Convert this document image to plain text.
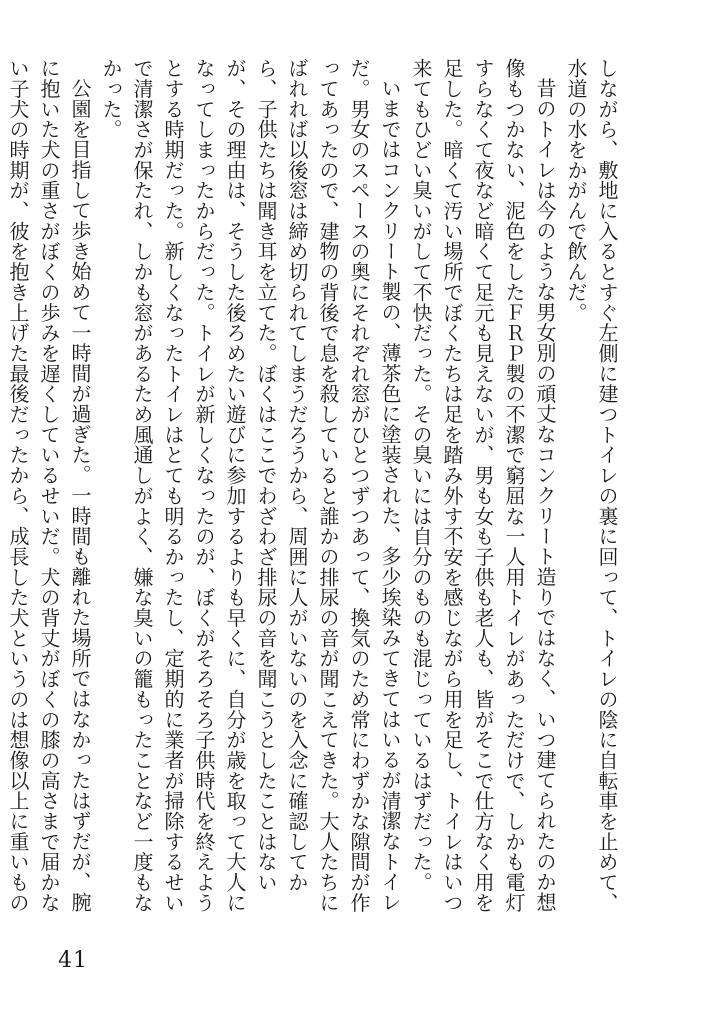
しながら、敷地に入るとすぐ左側に建つトイレの裏に回って、トイレの陰に自転車を止めて、水道の水をかがんで飲んだ。

昔のトイレは今のような男女別の頑丈なコンクリート造りではなく、いつ建てられたのか想像もつかない、泥色をしたＦＲＰ製の不潔で窮屈な一人用トイレがあっただけで、しかも電灯すらなくて夜など暗くて足元も見えないが、男も女も子供も老人も、皆がそこで仕方なく用を足した。暗くて汚い場所でぼくたちは足を踏み外す不安を感じながら用を足し、トイレはいつ来てもひどい臭いがして不快だった。その臭いには自分のものも混じっているはずだった。

いまではコンクリート製の、薄茶色に塗装された、多少埃染みてきてはいるが清潔なトイレだ。男女のスペースの奥にそれぞれ窓がひとつずつあって、換気のため常にわずかな隙間が作ってあったので、建物の背後で息を殺していると誰かの排尿の音が聞こえてきた。大人たちにばれれば以後窓は締め切られてしまうだろうから、周囲に人がいないのを入念に確認してから、子供たちは聞き耳を立てた。ぼくはここでわざわざ排尿の音を聞こうとしたことはないが、その理由は、そうした後ろめたい遊びに参加するよりも早くに、自分が歳を取って大人になってしまったからだった。トイレが新しくなったのが、ぼくがそろそろ子供時代を終えようとする時期だった。新しくなったトイレはとても明るかったし、定期的に業者が掃除するせいで清潔さが保たれ、しかも窓があるため風通しがよく、嫌な臭いの籠もったことなど一度もなかった。

公園を目指して歩き始めて一時間が過ぎた。一時間も離れた場所ではなかったはずだが、腕に抱いた犬の重さがぼくの歩みを遅くしているせいだ。犬の背丈がぼくの膝の高さまで届かない子犬の時期が、彼を抱き上げた最後だったから、成長した犬というのは想像以上に重いもの

41
